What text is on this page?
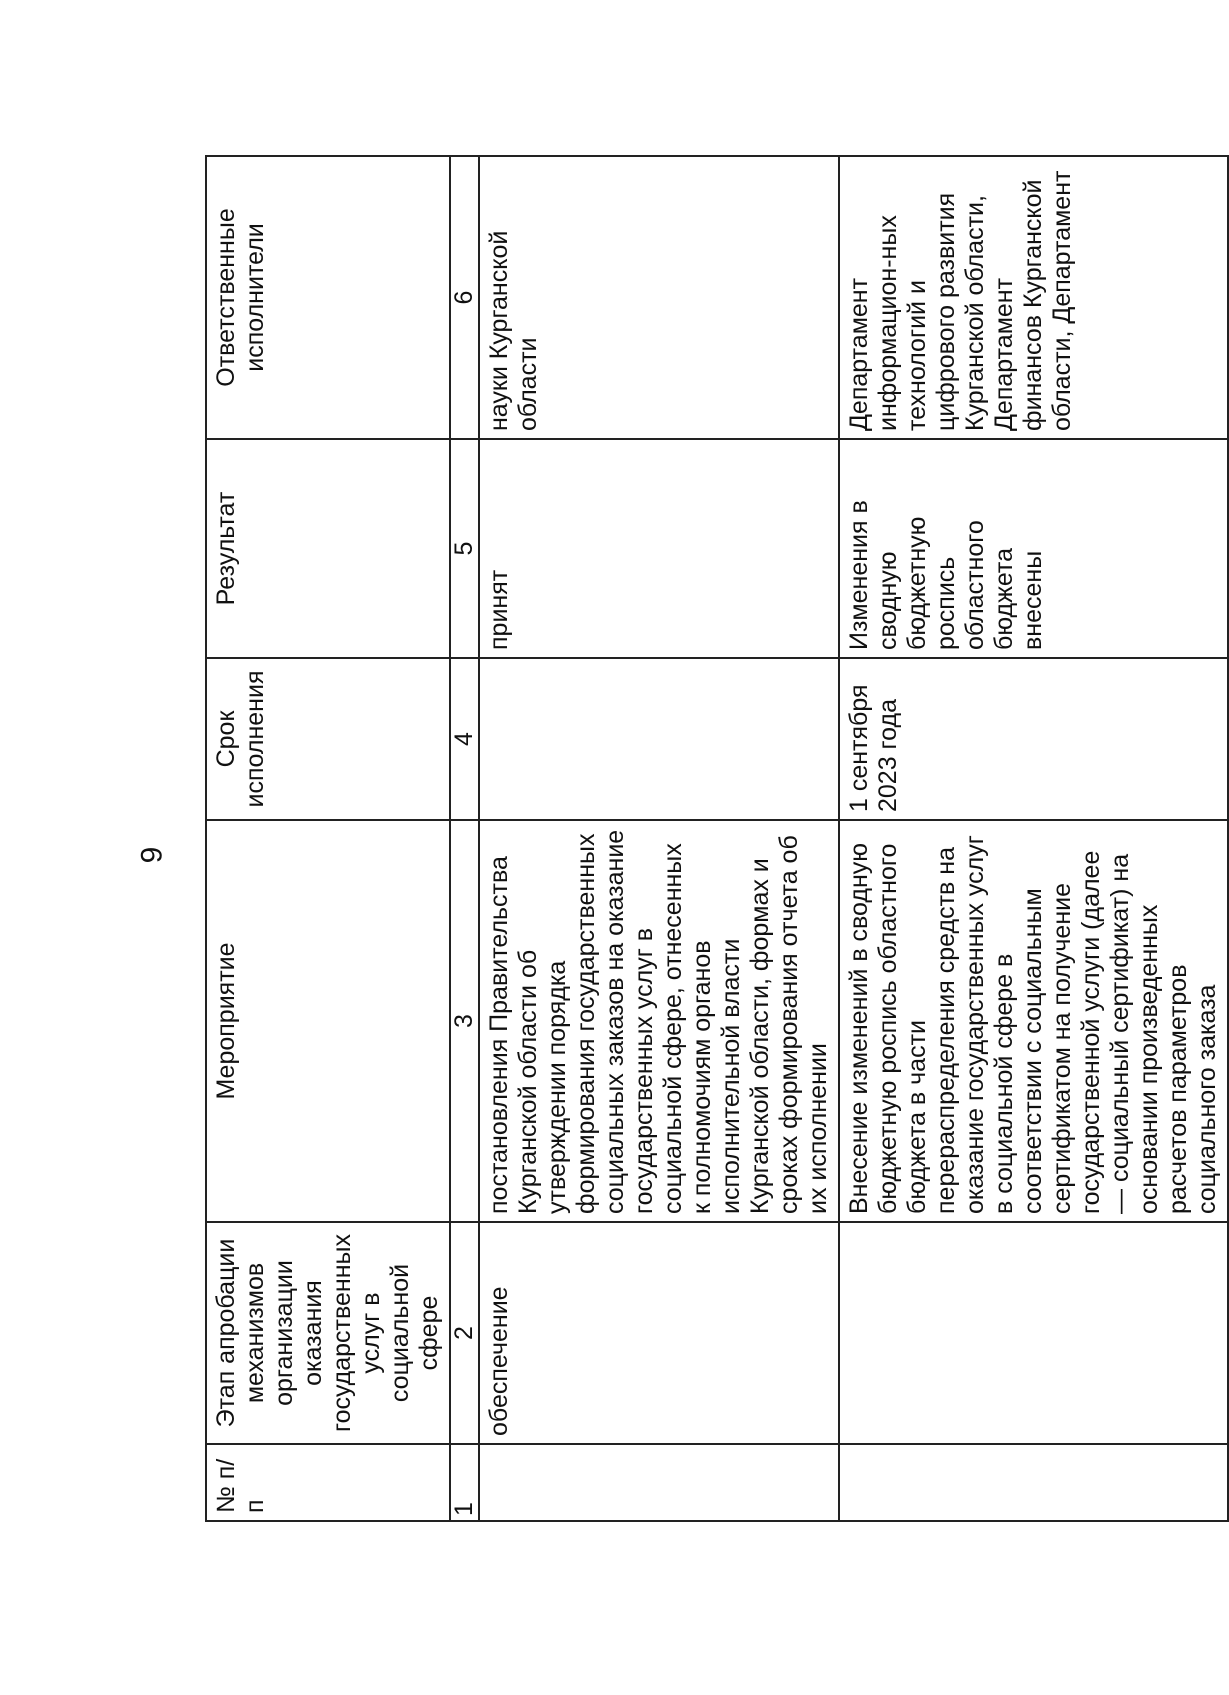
9
№ п/п	Этап апробации механизмов организации оказания государственных услуг в социальной сфере	Мероприятие	Срок исполнения	Результат	Ответственные исполнители
1	2	3	4	5	6
	обеспечение	постановления Правительства Курганской области об утверждении порядка формирования государственных социальных заказов на оказание государственных услуг в социальной сфере, отнесенных к полномочиям органов исполнительной власти Курганской области, формах и сроках формирования отчета об их исполнении		принят	науки Курганской области
		Внесение изменений в сводную бюджетную роспись областного бюджета в части перераспределения средств на оказание государственных услуг в социальной сфере в соответствии с социальным сертификатом на получение государственной услуги (далее — социальный сертификат) на основании произведенных расчетов параметров социального заказа	1 сентября 2023 года	Изменения в сводную бюджетную роспись областного бюджета внесены	Департамент информацион-ных технологий и цифрового развития Курганской области, Департамент финансов Курганской области, Департамент
